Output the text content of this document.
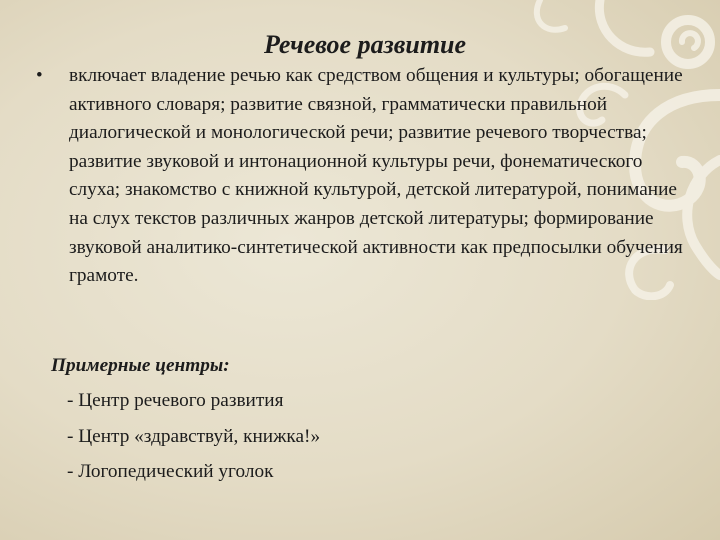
Речевое развитие
• включает владение речью как средством общения и культуры; обогащение активного словаря; развитие связной, грамматически правильной диалогической и монологической речи; развитие речевого творчества; развитие звуковой и интонационной культуры речи, фонематического слуха; знакомство с книжной культурой, детской литературой, понимание на слух текстов различных жанров детской литературы; формирование звуковой аналитико-синтетической активности как предпосылки обучения грамоте.
Примерные центры:
- Центр речевого развития
- Центр «здравствуй, книжка!»
- Логопедический уголок
